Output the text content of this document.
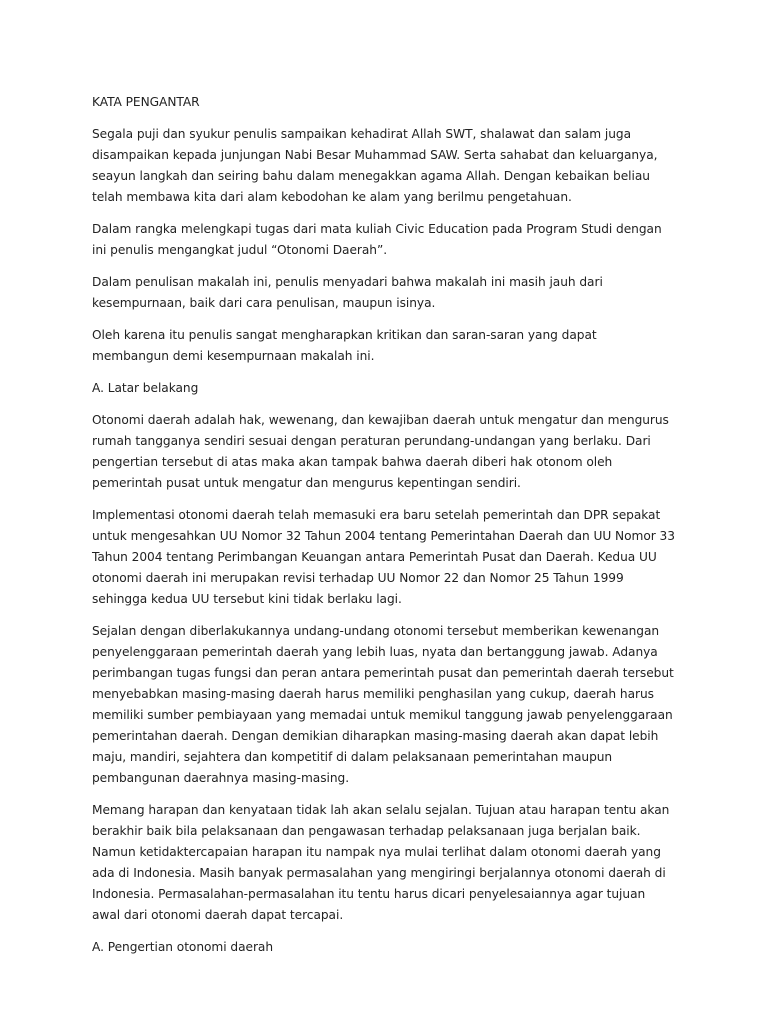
KATA PENGANTAR

Segala puji dan syukur penulis sampaikan kehadirat Allah SWT, shalawat dan salam juga disampaikan kepada junjungan Nabi Besar Muhammad SAW. Serta sahabat dan keluarganya, seayun langkah dan seiring bahu dalam menegakkan agama Allah. Dengan kebaikan beliau telah membawa kita dari alam kebodohan ke alam yang berilmu pengetahuan.

Dalam rangka melengkapi tugas dari mata kuliah Civic Education pada Program Studi dengan ini penulis mengangkat judul “Otonomi Daerah”.

Dalam penulisan makalah ini, penulis menyadari bahwa makalah ini masih jauh dari kesempurnaan, baik dari cara penulisan, maupun isinya.

Oleh karena itu penulis sangat mengharapkan kritikan dan saran-saran yang dapat membangun demi kesempurnaan makalah ini.

A. Latar belakang

Otonomi daerah adalah hak, wewenang, dan kewajiban daerah untuk mengatur dan mengurus rumah tangganya sendiri sesuai dengan peraturan perundang-undangan yang berlaku. Dari pengertian tersebut di atas maka akan tampak bahwa daerah diberi hak otonom oleh pemerintah pusat untuk mengatur dan mengurus kepentingan sendiri.

Implementasi otonomi daerah telah memasuki era baru setelah pemerintah dan DPR sepakat untuk mengesahkan UU Nomor 32 Tahun 2004 tentang Pemerintahan Daerah dan UU Nomor 33 Tahun 2004 tentang Perimbangan Keuangan antara Pemerintah Pusat dan Daerah. Kedua UU otonomi daerah ini merupakan revisi terhadap UU Nomor 22 dan Nomor 25 Tahun 1999 sehingga kedua UU tersebut kini tidak berlaku lagi.

Sejalan dengan diberlakukannya undang-undang otonomi tersebut memberikan kewenangan penyelenggaraan pemerintah daerah yang lebih luas, nyata dan bertanggung jawab. Adanya perimbangan tugas fungsi dan peran antara pemerintah pusat dan pemerintah daerah tersebut menyebabkan masing-masing daerah harus memiliki penghasilan yang cukup, daerah harus memiliki sumber pembiayaan yang memadai untuk memikul tanggung jawab penyelenggaraan pemerintahan daerah. Dengan demikian diharapkan masing-masing daerah akan dapat lebih maju, mandiri, sejahtera dan kompetitif di dalam pelaksanaan pemerintahan maupun pembangunan daerahnya masing-masing.

Memang harapan dan kenyataan tidak lah akan selalu sejalan. Tujuan atau harapan tentu akan berakhir baik bila pelaksanaan dan pengawasan terhadap pelaksanaan juga berjalan baik. Namun ketidaktercapaian harapan itu nampak nya mulai terlihat dalam otonomi daerah yang ada di Indonesia. Masih banyak permasalahan yang mengiringi berjalannya otonomi daerah di Indonesia. Permasalahan-permasalahan itu tentu harus dicari penyelesaiannya agar tujuan awal dari otonomi daerah dapat tercapai.

A. Pengertian otonomi daerah
